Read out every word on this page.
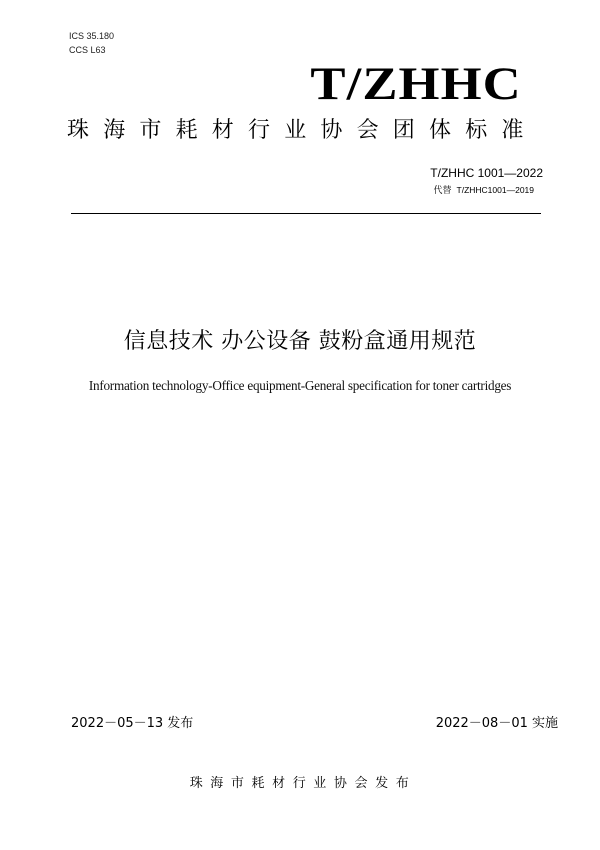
ICS 35.180
CCS L63
T/ZHHC
珠海市耗材行业协会团体标准
T/ZHHC 1001—2022
代替 T/ZHHC1001—2019
信息技术 办公设备 鼓粉盒通用规范
Information technology-Office equipment-General specification for toner cartridges
2022－05－13 发布	2022－08－01 实施
珠海市耗材行业协会发布
